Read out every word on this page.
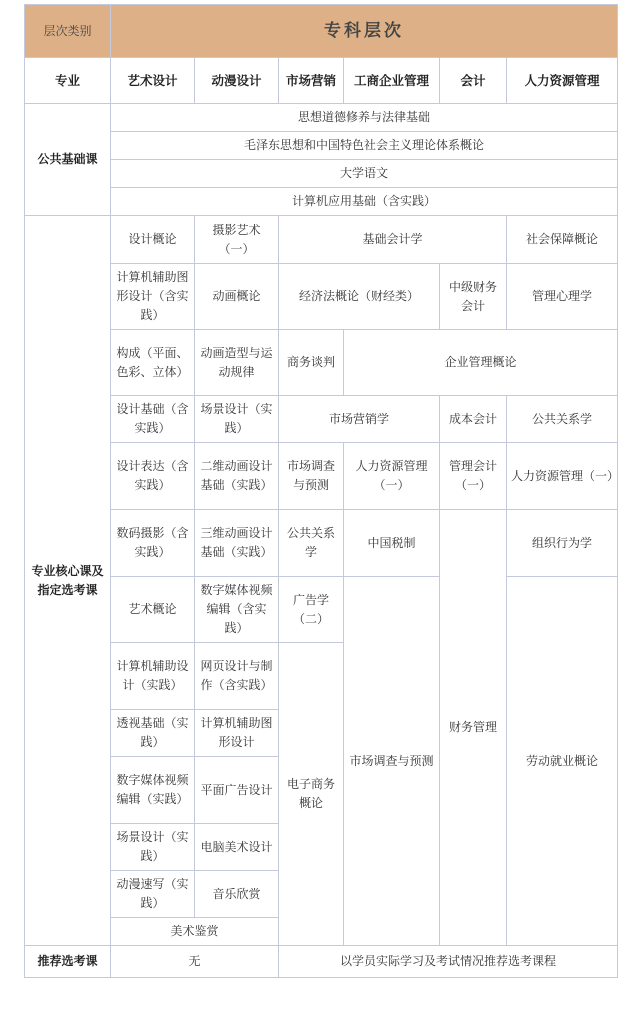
层次类别	专科层次					
专业	艺术设计	动漫设计	市场营销	工商企业管理	会计	人力资源管理
公共基础课	思想道德修养与法律基础					
	毛泽东思想和中国特色社会主义理论体系概论					
	大学语文					
	计算机应用基础（含实践）					
专业核心课及指定选考课	设计概论	摄影艺术（一）	基础会计学			社会保障概论
	计算机辅助图形设计（含实践）	动画概论	经济法概论（财经类）		中级财务会计	管理心理学
	构成（平面、色彩、立体）	动画造型与运动规律	商务谈判	企业管理概论		
	设计基础（含实践）	场景设计（实践）	市场营销学		成本会计	公共关系学
	设计表达（含实践）	二维动画设计基础（实践）	市场调查与预测	人力资源管理（一）	管理会计（一）	人力资源管理（一）
	数码摄影（含实践）	三维动画设计基础（实践）	公共关系学	中国税制	财务管理	组织行为学
	艺术概论	数字媒体视频编辑（含实践）	广告学（二）	市场调查与预测		劳动就业概论
	计算机辅助设计（实践）	网页设计与制作（含实践）	电子商务概论			
	透视基础（实践）	计算机辅助图形设计				
	数字媒体视频编辑（实践）	平面广告设计				
	场景设计（实践）	电脑美术设计				
	动漫速写（实践）	音乐欣赏				
	美术鉴赏					
推荐选考课	无		以学员实际学习及考试情况推荐选考课程			
